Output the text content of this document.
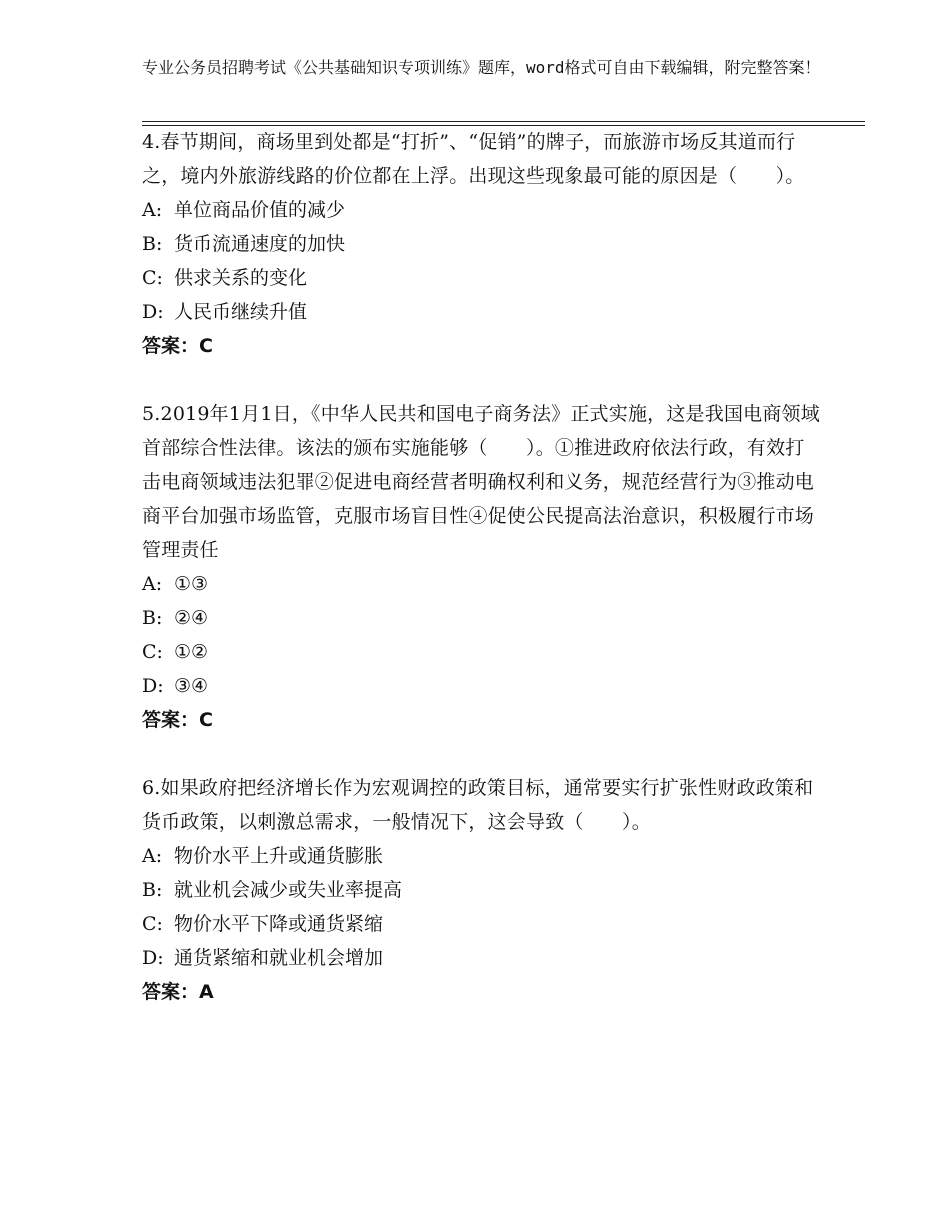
专业公务员招聘考试《公共基础知识专项训练》题库，word格式可自由下载编辑，附完整答案！

4.春节期间，商场里到处都是“打折”、“促销”的牌子，而旅游市场反其道而行之，境内外旅游线路的价位都在上浮。出现这些现象最可能的原因是（　　）。

A: 单位商品价值的减少

B: 货币流通速度的加快

C: 供求关系的变化

D: 人民币继续升值

答案：C

5.2019年1月1日，《中华人民共和国电子商务法》正式实施，这是我国电商领域首部综合性法律。该法的颁布实施能够（　　）。①推进政府依法行政，有效打击电商领域违法犯罪②促进电商经营者明确权利和义务，规范经营行为③推动电商平台加强市场监管，克服市场盲目性④促使公民提高法治意识，积极履行市场管理责任

A: ①③

B: ②④

C: ①②

D: ③④

答案：C

6.如果政府把经济增长作为宏观调控的政策目标，通常要实行扩张性财政政策和货币政策，以刺激总需求，一般情况下，这会导致（　　）。

A: 物价水平上升或通货膨胀

B: 就业机会减少或失业率提高

C: 物价水平下降或通货紧缩

D: 通货紧缩和就业机会增加

答案：A
